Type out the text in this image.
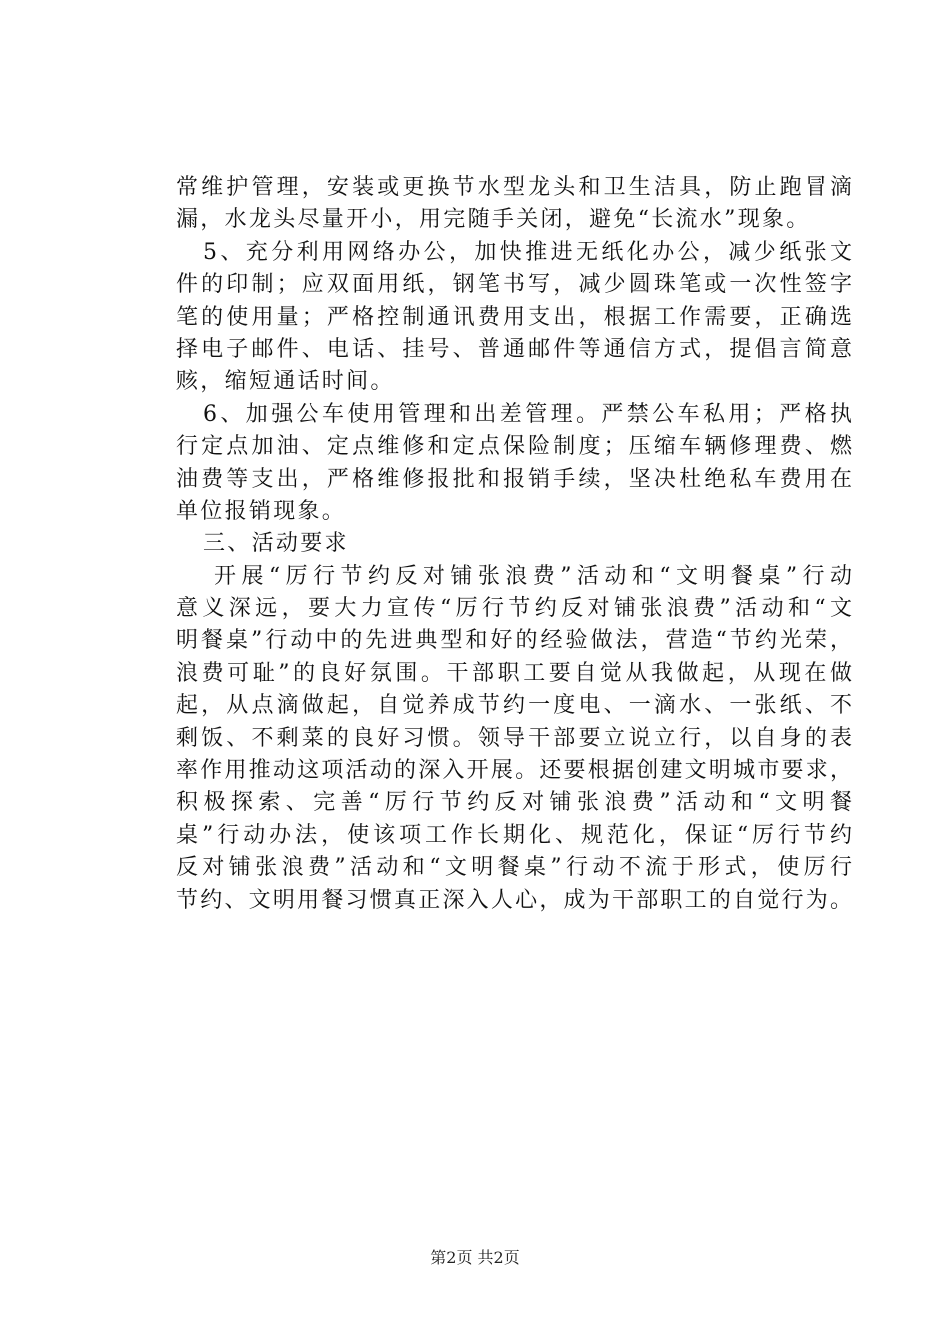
常维护管理，安装或更换节水型龙头和卫生洁具，防止跑冒滴
漏，水龙头尽量开小，用完随手关闭，避免“长流水”现象。
5、充分利用网络办公，加快推进无纸化办公，减少纸张文
件的印制；应双面用纸，钢笔书写，减少圆珠笔或一次性签字
笔的使用量；严格控制通讯费用支出，根据工作需要，正确选
择电子邮件、电话、挂号、普通邮件等通信方式，提倡言简意
赅，缩短通话时间。
6、加强公车使用管理和出差管理。严禁公车私用；严格执
行定点加油、定点维修和定点保险制度；压缩车辆修理费、燃
油费等支出，严格维修报批和报销手续，坚决杜绝私车费用在
单位报销现象。
三、活动要求
开展“厉行节约反对铺张浪费”活动和“文明餐桌”行动
意义深远，要大力宣传“厉行节约反对铺张浪费”活动和“文
明餐桌”行动中的先进典型和好的经验做法，营造“节约光荣，
浪费可耻”的良好氛围。干部职工要自觉从我做起，从现在做
起，从点滴做起，自觉养成节约一度电、一滴水、一张纸、不
剩饭、不剩菜的良好习惯。领导干部要立说立行，以自身的表
率作用推动这项活动的深入开展。还要根据创建文明城市要求，
积极探索、完善“厉行节约反对铺张浪费”活动和“文明餐
桌”行动办法，使该项工作长期化、规范化，保证“厉行节约
反对铺张浪费”活动和“文明餐桌”行动不流于形式，使厉行
节约、文明用餐习惯真正深入人心，成为干部职工的自觉行为。
第2页 共2页
